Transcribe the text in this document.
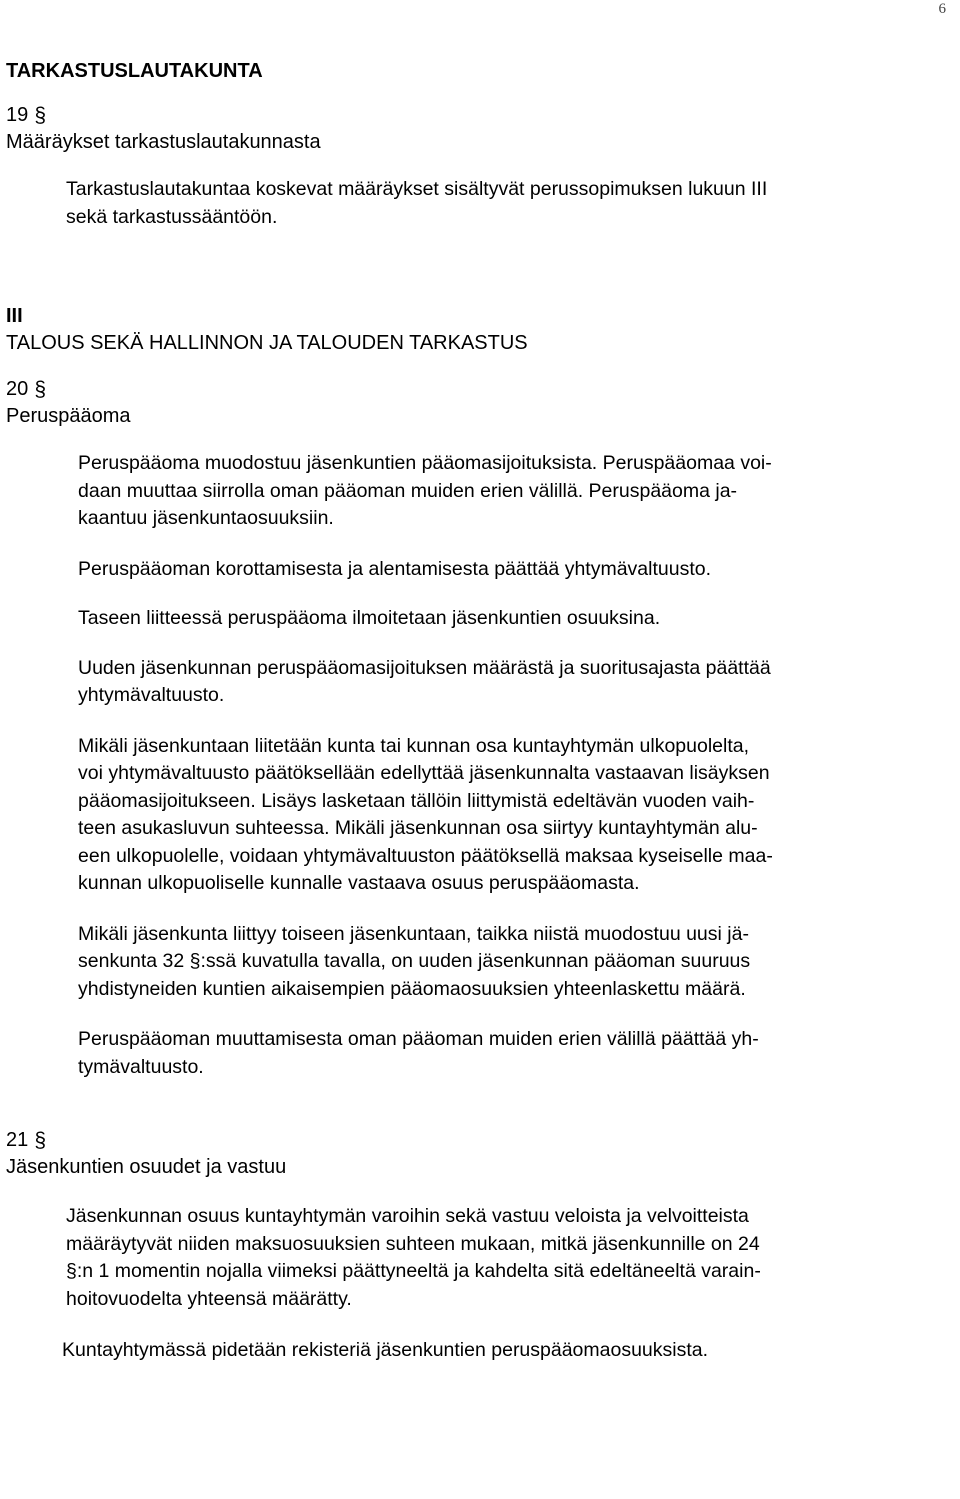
6

TARKASTUSLAUTAKUNTA

19 §

Määräykset tarkastuslautakunnasta

Tarkastuslautakuntaa koskevat määräykset sisältyvät perussopimuksen lukuun III
sekä tarkastussääntöön.

III

TALOUS SEKÄ HALLINNON JA TALOUDEN TARKASTUS

20 §

Peruspääoma

Peruspääoma muodostuu jäsenkuntien pääomasijoituksista. Peruspääomaa voi-
daan muuttaa siirrolla oman pääoman muiden erien välillä. Peruspääoma ja-
kaantuu jäsenkuntaosuuksiin.

Peruspääoman korottamisesta ja alentamisesta päättää yhtymävaltuusto.

Taseen liitteessä peruspääoma ilmoitetaan jäsenkuntien osuuksina.

Uuden jäsenkunnan peruspääomasijoituksen määrästä ja suoritusajasta päättää
yhtymävaltuusto.

Mikäli jäsenkuntaan liitetään kunta tai kunnan osa kuntayhtymän ulkopuolelta,
voi yhtymävaltuusto päätöksellään edellyttää jäsenkunnalta vastaavan lisäyksen
pääomasijoitukseen. Lisäys lasketaan tällöin liittymistä edeltävän vuoden vaih-
teen asukasluvun suhteessa. Mikäli jäsenkunnan osa siirtyy kuntayhtymän alu-
een ulkopuolelle, voidaan yhtymävaltuuston päätöksellä maksaa kyseiselle maa-
kunnan ulkopuoliselle kunnalle vastaava osuus peruspääomasta.

Mikäli jäsenkunta liittyy toiseen jäsenkuntaan, taikka niistä muodostuu uusi jä-
senkunta 32 §:ssä kuvatulla tavalla, on uuden jäsenkunnan pääoman suuruus
yhdistyneiden kuntien aikaisempien pääomaosuuksien yhteenlaskettu määrä.

Peruspääoman muuttamisesta oman pääoman muiden erien välillä päättää yh-
tymävaltuusto.

21 §

Jäsenkuntien osuudet ja vastuu

Jäsenkunnan osuus kuntayhtymän varoihin sekä vastuu veloista ja velvoitteista
määräytyvät niiden maksuosuuksien suhteen mukaan, mitkä jäsenkunnille on 24
§:n 1 momentin nojalla viimeksi päättyneeltä ja kahdelta sitä edeltäneeltä varain-
hoitovuodelta yhteensä määrätty.

Kuntayhtymässä pidetään rekisteriä jäsenkuntien peruspääomaosuuksista.
